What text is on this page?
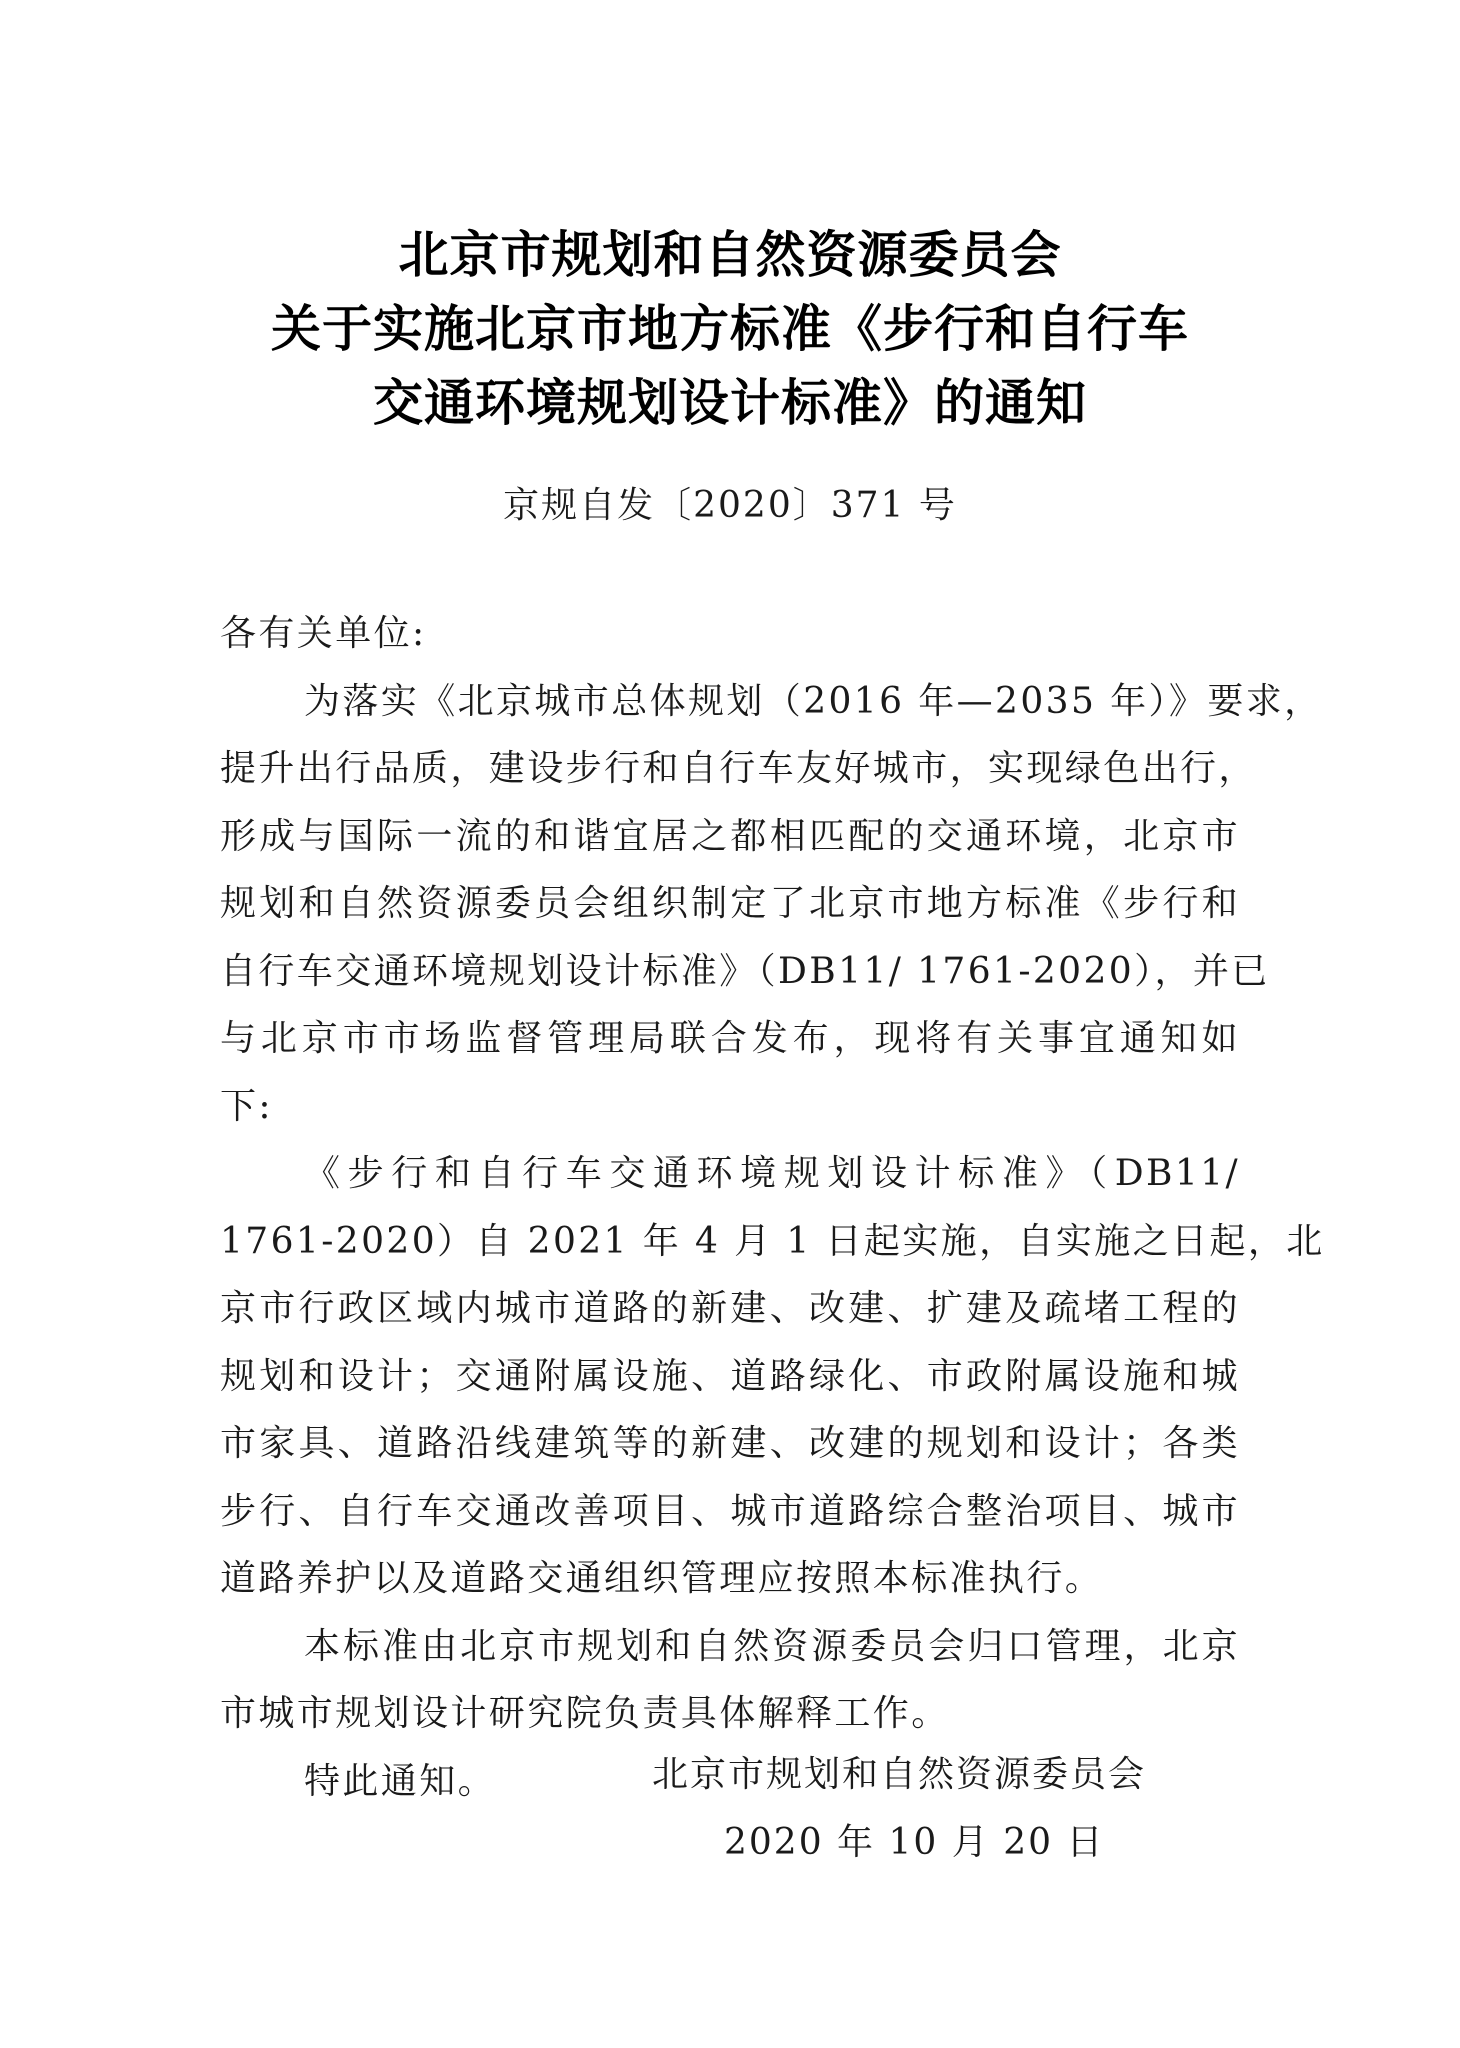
北京市规划和自然资源委员会
关于实施北京市地方标准《步行和自行车
交通环境规划设计标准》的通知
京规自发〔2020〕371 号
各有关单位:
为落实《北京城市总体规划（2016 年—2035 年）》要求，
提升出行品质，建设步行和自行车友好城市，实现绿色出行，
形成与国际一流的和谐宜居之都相匹配的交通环境，北京市
规划和自然资源委员会组织制定了北京市地方标准《步行和
自行车交通环境规划设计标准》（DB11/ 1761-2020），并已
与北京市市场监督管理局联合发布，现将有关事宜通知如
下:
《步行和自行车交通环境规划设计标准》（DB11/
1761-2020）自 2021 年 4 月 1 日起实施，自实施之日起，北
京市行政区域内城市道路的新建、改建、扩建及疏堵工程的
规划和设计；交通附属设施、道路绿化、市政附属设施和城
市家具、道路沿线建筑等的新建、改建的规划和设计；各类
步行、自行车交通改善项目、城市道路综合整治项目、城市
道路养护以及道路交通组织管理应按照本标准执行。
本标准由北京市规划和自然资源委员会归口管理，北京
市城市规划设计研究院负责具体解释工作。
特此通知。	北京市规划和自然资源委员会
2020 年 10 月 20 日
